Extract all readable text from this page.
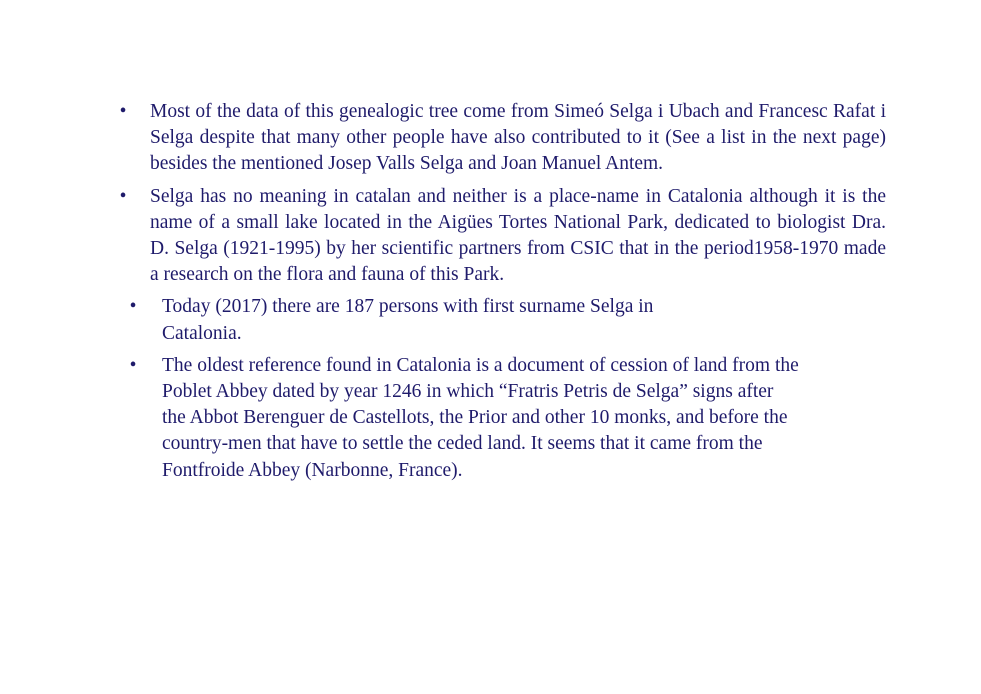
• Most of the data of this genealogic tree come from Simeó Selga i Ubach and Francesc Rafat i Selga despite that many other people have also contributed to it (See a list in the next page) besides the mentioned Josep Valls Selga and Joan Manuel Antem.
• Selga has no meaning in catalan and neither is a place-name in Catalonia although it is the name of a small lake located in the Aigües Tortes National Park, dedicated to biologist Dra. D. Selga (1921-1995) by her scientific partners from CSIC that in the period1958-1970 made a research on the flora and fauna of this Park.
• Today (2017) there are 187 persons with first surname Selga in Catalonia.
• The oldest reference found in Catalonia is a document of cession of land from the Poblet Abbey dated by year 1246 in which “Fratris Petris de Selga” signs after the Abbot Berenguer de Castellots, the Prior and other 10 monks, and before the country-men that have to settle the ceded land. It seems that it came from the Fontfroide Abbey (Narbonne, France).
